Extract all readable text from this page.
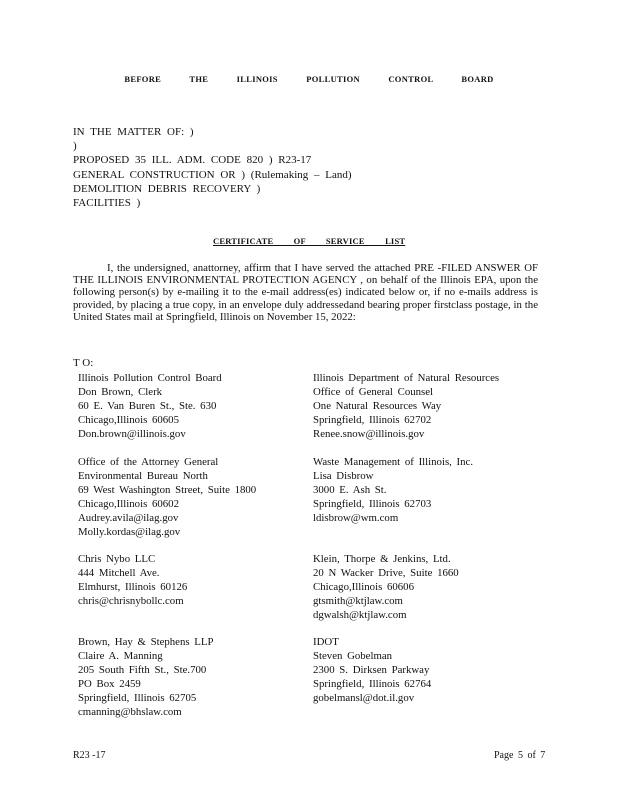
BEFORE THE ILLINOIS POLLUTION CONTROL BOARD
IN THE MATTER OF: )
)
PROPOSED 35 ILL. ADM. CODE 820 ) R23-17
GENERAL CONSTRUCTION OR ) (Rulemaking – Land)
DEMOLITION DEBRIS RECOVERY )
FACILITIES )
CERTIFICATE OF SERVICE LIST
I, the undersigned, anattorney, affirm that I have served the attached PRE -FILED ANSWER OF THE ILLINOIS ENVIRONMENTAL PROTECTION AGENCY , on behalf of the Illinois EPA, upon the following person(s) by e-mailing it to the e-mail address(es) indicated below or, if no e-mails address is provided, by placing a true copy, in an envelope duly addressedand bearing proper firstclass postage, in the United States mail at Springfield, Illinois on November 15, 2022:
T O:
Illinois Pollution Control Board
Don Brown, Clerk
60 E. Van Buren St., Ste. 630
Chicago,Illinois 60605
Don.brown@illinois.gov
Office of the Attorney General
Environmental Bureau North
69 West Washington Street, Suite 1800
Chicago,Illinois 60602
Audrey.avila@ilag.gov
Molly.kordas@ilag.gov
Chris Nybo LLC
444 Mitchell Ave.
Elmhurst, Illinois 60126
chris@chrisnybollc.com
Brown, Hay & Stephens LLP
Claire A. Manning
205 South Fifth St., Ste.700
PO Box 2459
Springfield, Illinois 62705
cmanning@bhslaw.com
Illinois Department of Natural Resources
Office of General Counsel
One Natural Resources Way
Springfield, Illinois 62702
Renee.snow@illinois.gov
Waste Management of Illinois, Inc.
Lisa Disbrow
3000 E. Ash St.
Springfield, Illinois 62703
ldisbrow@wm.com
Klein, Thorpe & Jenkins, Ltd.
20 N Wacker Drive, Suite 1660
Chicago,Illinois 60606
gtsmith@ktjlaw.com
dgwalsh@ktjlaw.com
IDOT
Steven Gobelman
2300 S. Dirksen Parkway
Springfield, Illinois 62764
gobelmansl@dot.il.gov
R23 -17	Page 5 of 7
